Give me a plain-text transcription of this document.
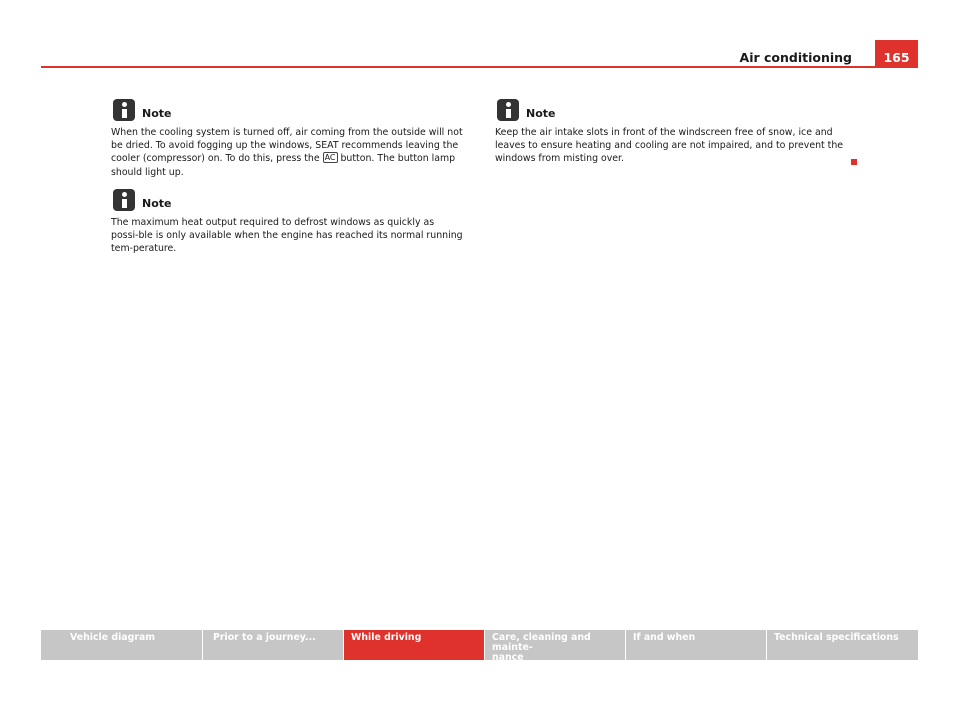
165
Air conditioning
Note
When the cooling system is turned off, air coming from the outside will not be dried. To avoid fogging up the windows, SEAT recommends leaving the cooler (compressor) on. To do this, press the AC button. The button lamp should light up.
Note
The maximum heat output required to defrost windows as quickly as possi-ble is only available when the engine has reached its normal running tem-perature.
Note
Keep the air intake slots in front of the windscreen free of snow, ice and leaves to ensure heating and cooling are not impaired, and to prevent the windows from misting over.
Vehicle diagram	Prior to a journey...	While driving	Care, cleaning and mainte-
nance
If and when	Technical specifications
